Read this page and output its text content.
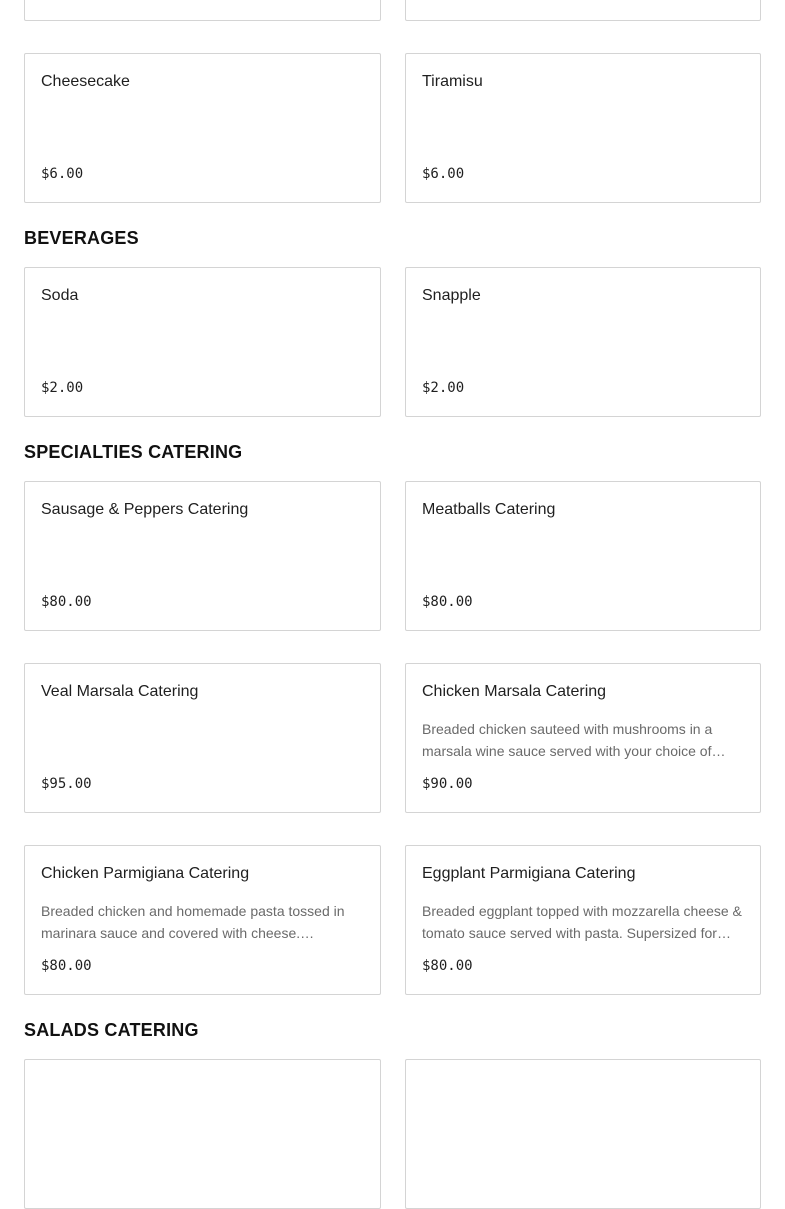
Cheesecake
$6.00
Tiramisu
$6.00
BEVERAGES
Soda
$2.00
Snapple
$2.00
SPECIALTIES CATERING
Sausage & Peppers Catering
$80.00
Meatballs Catering
$80.00
Veal Marsala Catering
$95.00
Chicken Marsala Catering
Breaded chicken sauteed with mushrooms in a marsala wine sauce served with your choice of
$90.00
Chicken Parmigiana Catering
Breaded chicken and homemade pasta tossed in marinara sauce and covered with cheese.
$80.00
Eggplant Parmigiana Catering
Breaded eggplant topped with mozzarella cheese & tomato sauce served with pasta. Supersized for
$80.00
SALADS CATERING
